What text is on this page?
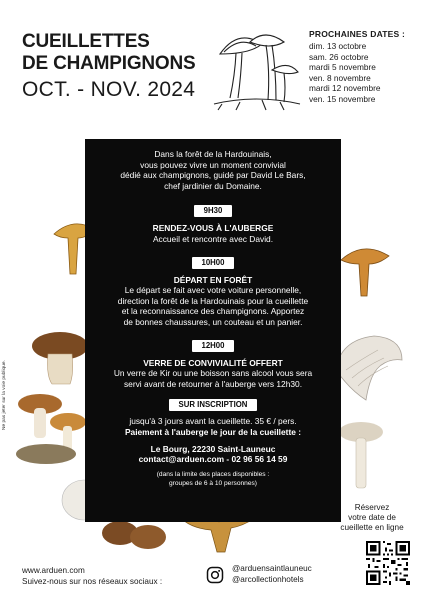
CUEILLETTES
DE CHAMPIGNONS
OCT. - NOV. 2024
PROCHAINES DATES :
dim. 13 octobre
sam. 26 octobre
mardi 5 novembre
ven. 8 novembre
mardi 12 novembre
ven. 15 novembre

Dans la forêt de la Hardouinais,

vous pouvez vivre un moment convivial

dédié aux champignons, guidé par David Le Bars,

chef jardinier du Domaine.

9H30

RENDEZ-VOUS À L'AUBERGE

Accueil et rencontre avec David.

10H00

DÉPART EN FORÊT

Le départ se fait avec votre voiture personnelle,

direction la forêt de la Hardouinais pour la cueillette

et la reconnaissance des champignons. Apportez

de bonnes chaussures, un couteau et un panier.

12H00

VERRE DE CONVIVIALITÉ OFFERT

Un verre de Kir ou une boisson sans alcool vous sera

servi avant de retourner à l'auberge vers 12h30.

SUR INSCRIPTION

jusqu'à 3 jours avant la cueillette. 35 € / pers.

Paiement à l'auberge le jour de la cueillette :

Le Bourg, 22230 Saint-Launeuc

contact@arduen.com - 02 96 56 14 59

(dans la limite des places disponibles :

groupes de 6 à 10 personnes)

Ne pas jeter sur la voie publique.
Réservez
votre date de
cueillette en ligne
www.arduen.com
Suivez-nous sur nos réseaux sociaux :
@arduensaintlauneuc
@arcollectionhotels
